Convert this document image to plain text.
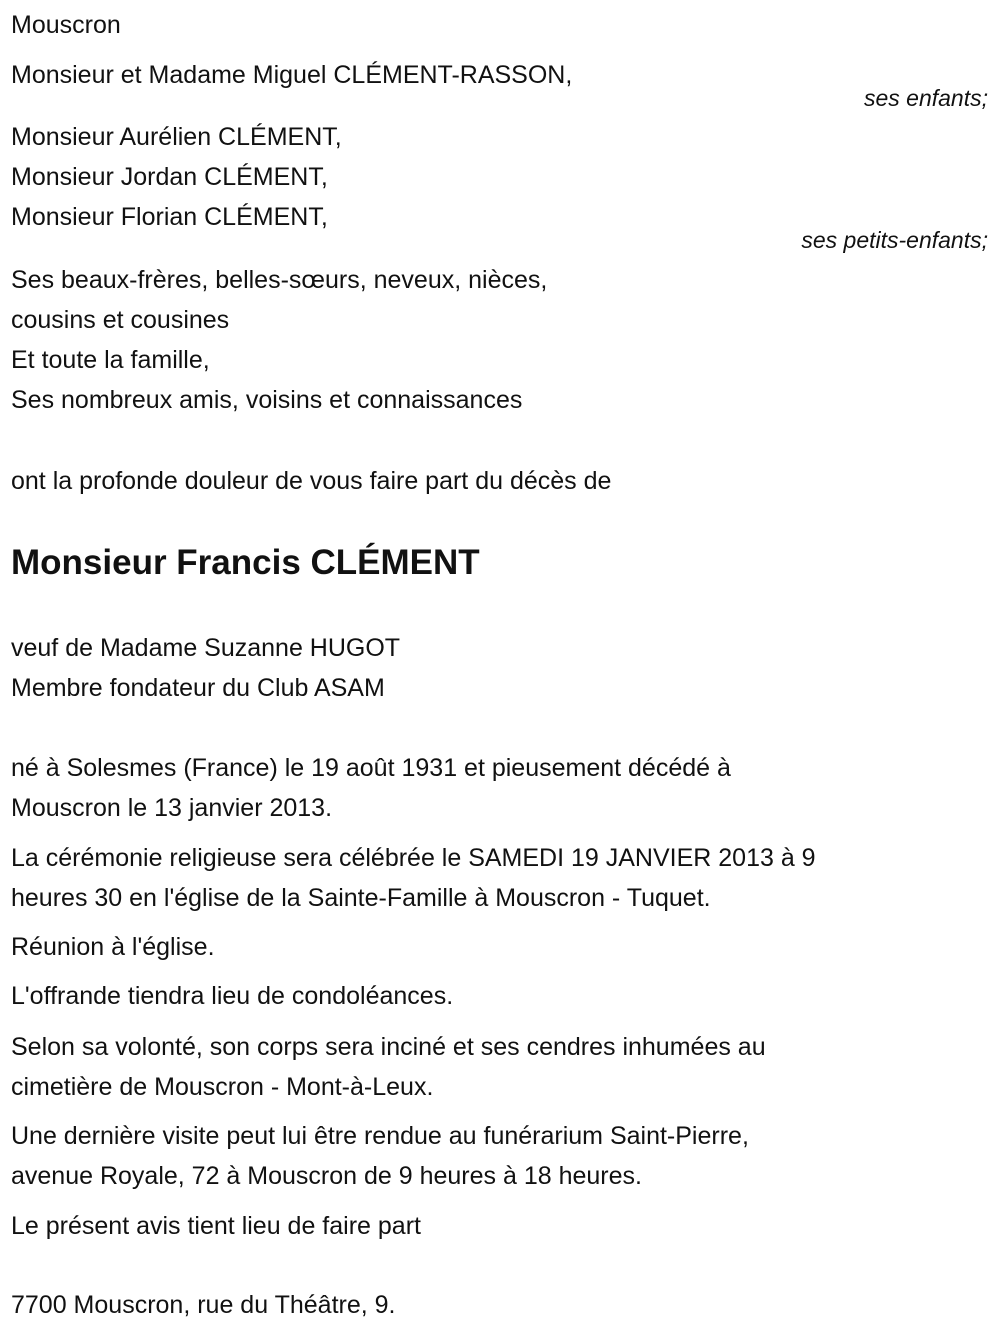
Mouscron
Monsieur et Madame Miguel CLÉMENT-RASSON,
ses enfants;
Monsieur Aurélien CLÉMENT,
Monsieur Jordan CLÉMENT,
Monsieur Florian CLÉMENT,
ses petits-enfants;
Ses beaux-frères, belles-sœurs, neveux, nièces,
cousins et cousines
Et toute la famille,
Ses nombreux amis, voisins et connaissances
ont la profonde douleur de vous faire part du décès de
Monsieur Francis CLÉMENT
veuf de Madame Suzanne HUGOT
Membre fondateur du Club ASAM
né à Solesmes (France) le 19 août 1931 et pieusement décédé à
Mouscron le 13 janvier 2013.
La cérémonie religieuse sera célébrée le SAMEDI 19 JANVIER 2013 à 9
heures 30 en l'église de la Sainte-Famille à Mouscron - Tuquet.
Réunion à l'église.
L'offrande tiendra lieu de condoléances.
Selon sa volonté, son corps sera inciné et ses cendres inhumées au
cimetière de Mouscron - Mont-à-Leux.
Une dernière visite peut lui être rendue au funérarium Saint-Pierre,
avenue Royale, 72 à Mouscron de 9 heures à 18 heures.
Le présent avis tient lieu de faire part
7700 Mouscron, rue du Théâtre, 9.
